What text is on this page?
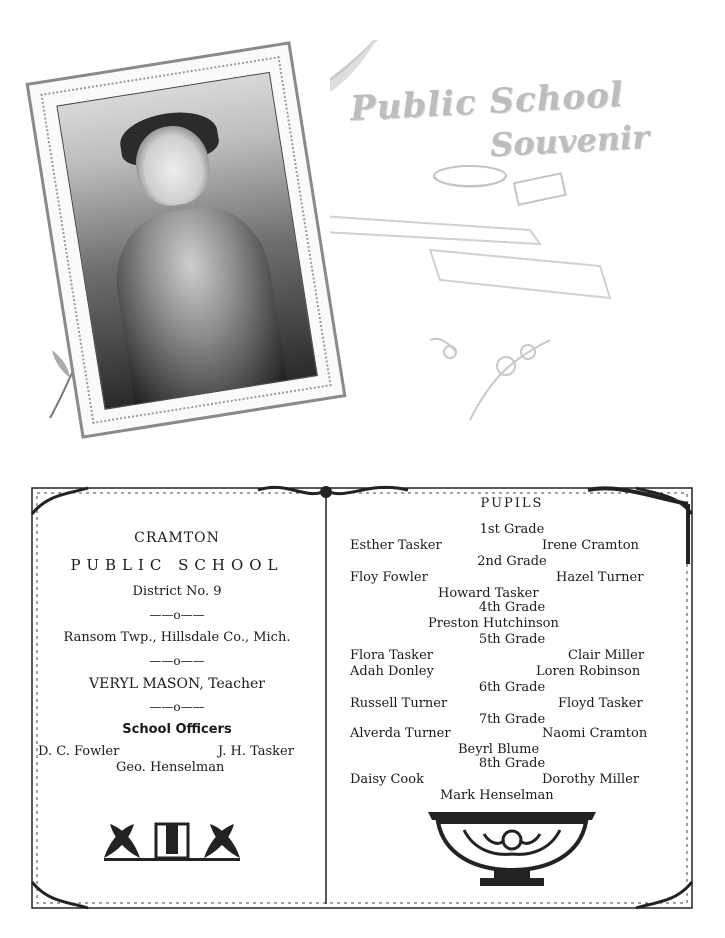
Public School
Souvenir
CRAMTON
PUBLIC SCHOOL
District No. 9
——o——
Ransom Twp., Hillsdale Co., Mich.
——o——
VERYL MASON, Teacher
——o——
School Officers
D. C. Fowler	J. H. Tasker
Geo. Henselman
PUPILS
1st Grade
Esther Tasker	Irene Cramton
2nd Grade
Floy Fowler	Hazel Turner
Howard Tasker
4th Grade
Preston Hutchinson
5th Grade
Flora Tasker	Clair Miller
Adah Donley	Loren Robinson
6th Grade
Russell Turner	Floyd Tasker
7th Grade
Alverda Turner	Naomi Cramton
Beyrl Blume
8th Grade
Daisy Cook	Dorothy Miller
Mark Henselman
